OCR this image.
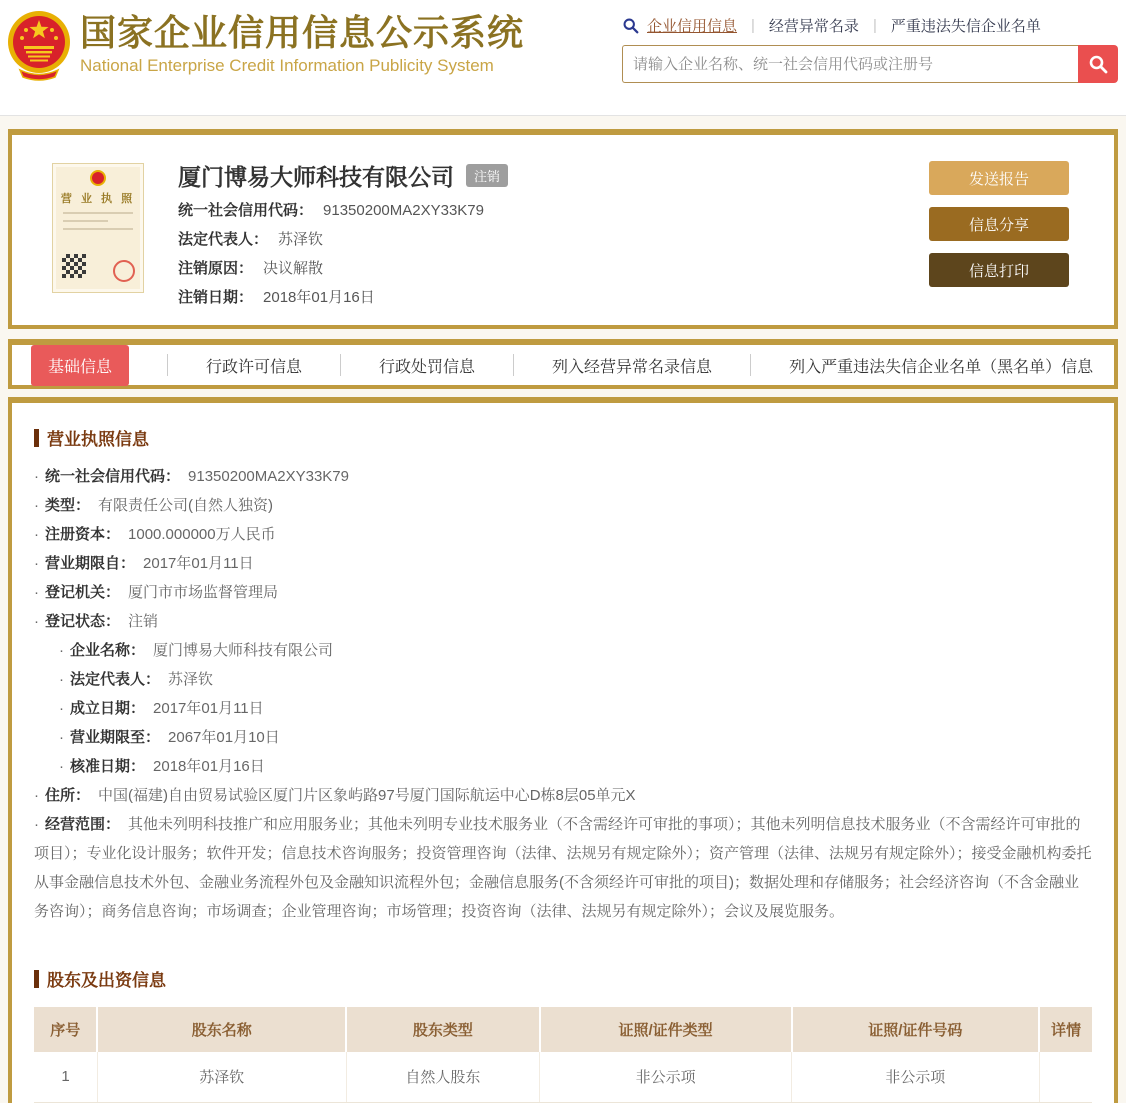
国家企业信用信息公示系统
National Enterprise Credit Information Publicity System
企业信用信息 | 经营异常名录 | 严重违法失信企业名单
请输入企业名称、统一社会信用代码或注册号
营 业 执 照
厦门博易大师科技有限公司	注销
统一社会信用代码： 91350200MA2XY33K79
法定代表人： 苏泽钦
注销原因： 决议解散
注销日期： 2018年01月16日
发送报告
信息分享
信息打印
基础信息	行政许可信息	行政处罚信息	列入经营异常名录信息	列入严重违法失信企业名单（黑名单）信息
营业执照信息
· 统一社会信用代码： 91350200MA2XY33K79
· 类型： 有限责任公司(自然人独资)
· 注册资本： 1000.000000万人民币
· 营业期限自： 2017年01月11日
· 登记机关： 厦门市市场监督管理局
· 登记状态： 注销
· 企业名称： 厦门博易大师科技有限公司
· 法定代表人： 苏泽钦
· 成立日期： 2017年01月11日
· 营业期限至： 2067年01月10日
· 核准日期： 2018年01月16日
· 住所： 中国(福建)自由贸易试验区厦门片区象屿路97号厦门国际航运中心D栋8层05单元X
· 经营范围： 其他未列明科技推广和应用服务业；其他未列明专业技术服务业（不含需经许可审批的事项）；其他未列明信息技术服务业（不含需经许可审批的项目）；专业化设计服务；软件开发；信息技术咨询服务；投资管理咨询（法律、法规另有规定除外）；资产管理（法律、法规另有规定除外）；接受金融机构委托从事金融信息技术外包、金融业务流程外包及金融知识流程外包；金融信息服务(不含须经许可审批的项目)；数据处理和存储服务；社会经济咨询（不含金融业务咨询）；商务信息咨询；市场调查；企业管理咨询；市场管理；投资咨询（法律、法规另有规定除外）；会议及展览服务。
股东及出资信息
序号	股东名称	股东类型	证照/证件类型	证照/证件号码	详情
1	苏泽钦	自然人股东	非公示项	非公示项	
